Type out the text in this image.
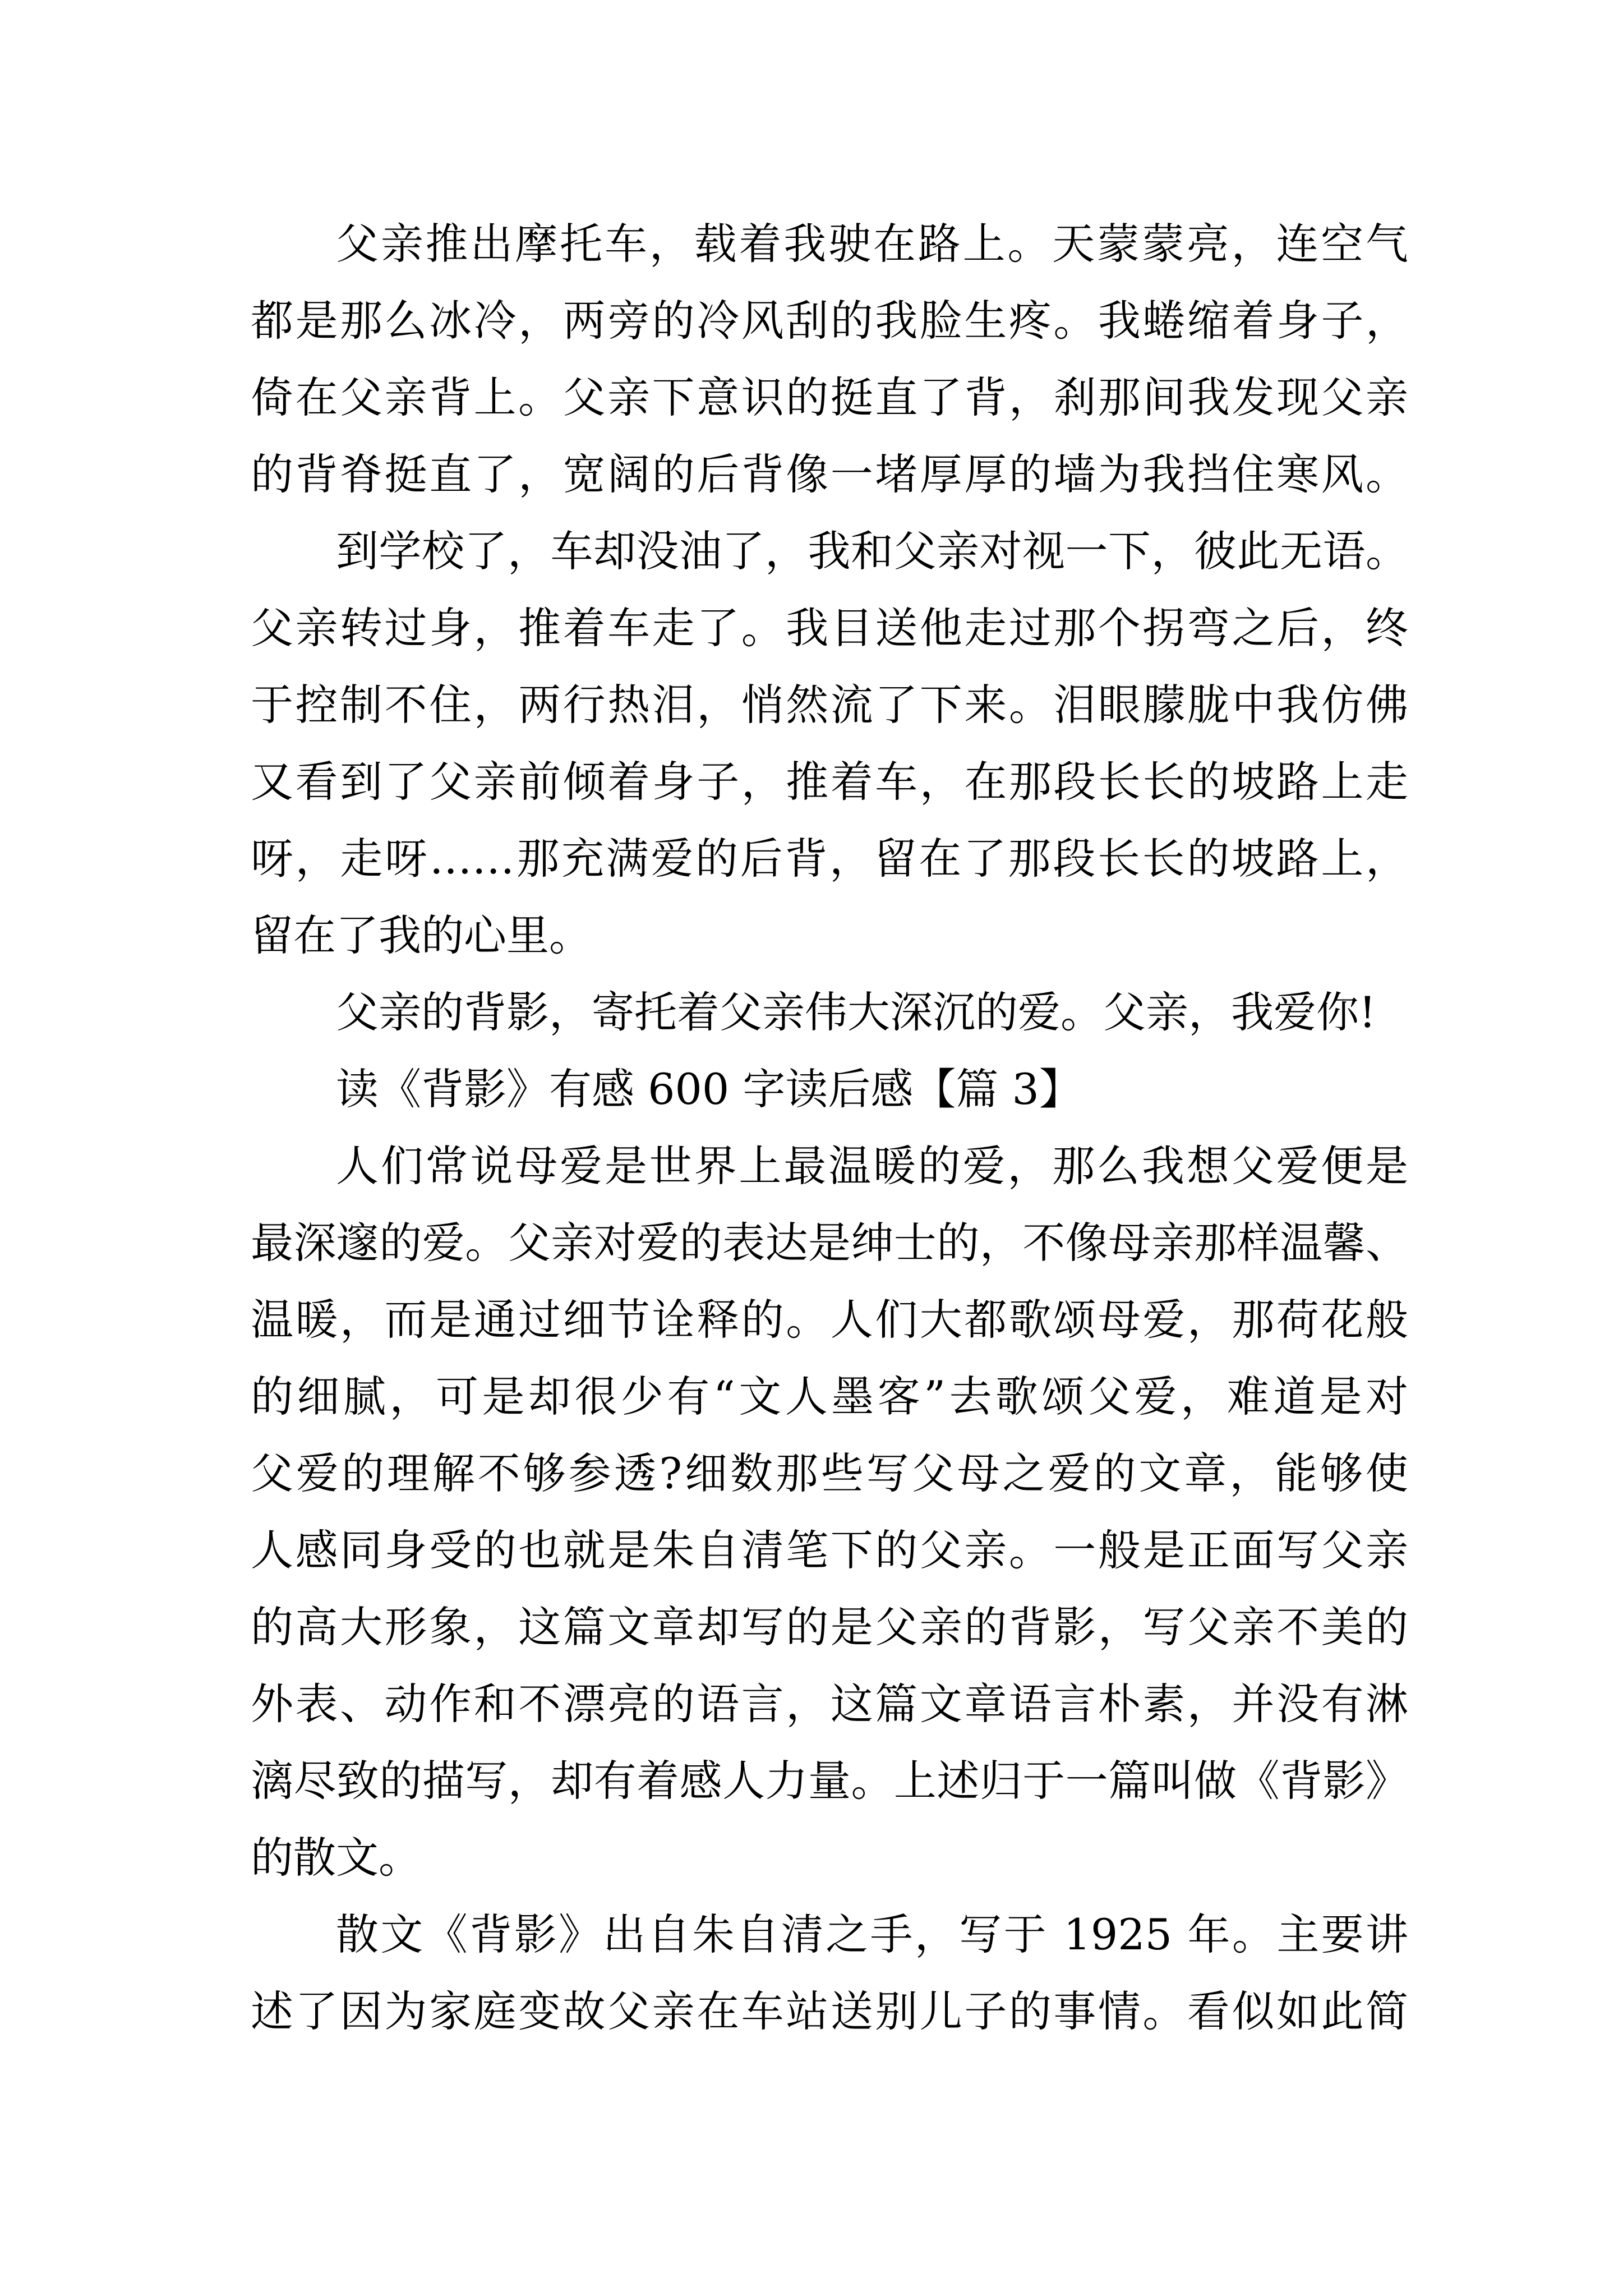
父亲推出摩托车，载着我驶在路上。天蒙蒙亮，连空气
都是那么冰冷，两旁的冷风刮的我脸生疼。我蜷缩着身子，
倚在父亲背上。父亲下意识的挺直了背，刹那间我发现父亲
的背脊挺直了，宽阔的后背像一堵厚厚的墙为我挡住寒风。
到学校了，车却没油了，我和父亲对视一下，彼此无语。
父亲转过身，推着车走了。我目送他走过那个拐弯之后，终
于控制不住，两行热泪，悄然流了下来。泪眼朦胧中我仿佛
又看到了父亲前倾着身子，推着车，在那段长长的坡路上走
呀，走呀……那充满爱的后背，留在了那段长长的坡路上，
留在了我的心里。
父亲的背影，寄托着父亲伟大深沉的爱。父亲，我爱你!
读《背影》有感 600 字读后感【篇 3】
人们常说母爱是世界上最温暖的爱，那么我想父爱便是
最深邃的爱。父亲对爱的表达是绅士的，不像母亲那样温馨、
温暖，而是通过细节诠释的。人们大都歌颂母爱，那荷花般
的细腻，可是却很少有“文人墨客”去歌颂父爱，难道是对
父爱的理解不够参透?细数那些写父母之爱的文章，能够使
人感同身受的也就是朱自清笔下的父亲。一般是正面写父亲
的高大形象，这篇文章却写的是父亲的背影，写父亲不美的
外表、动作和不漂亮的语言，这篇文章语言朴素，并没有淋
漓尽致的描写，却有着感人力量。上述归于一篇叫做《背影》
的散文。
散文《背影》出自朱自清之手，写于 1925 年。主要讲
述了因为家庭变故父亲在车站送别儿子的事情。看似如此简
